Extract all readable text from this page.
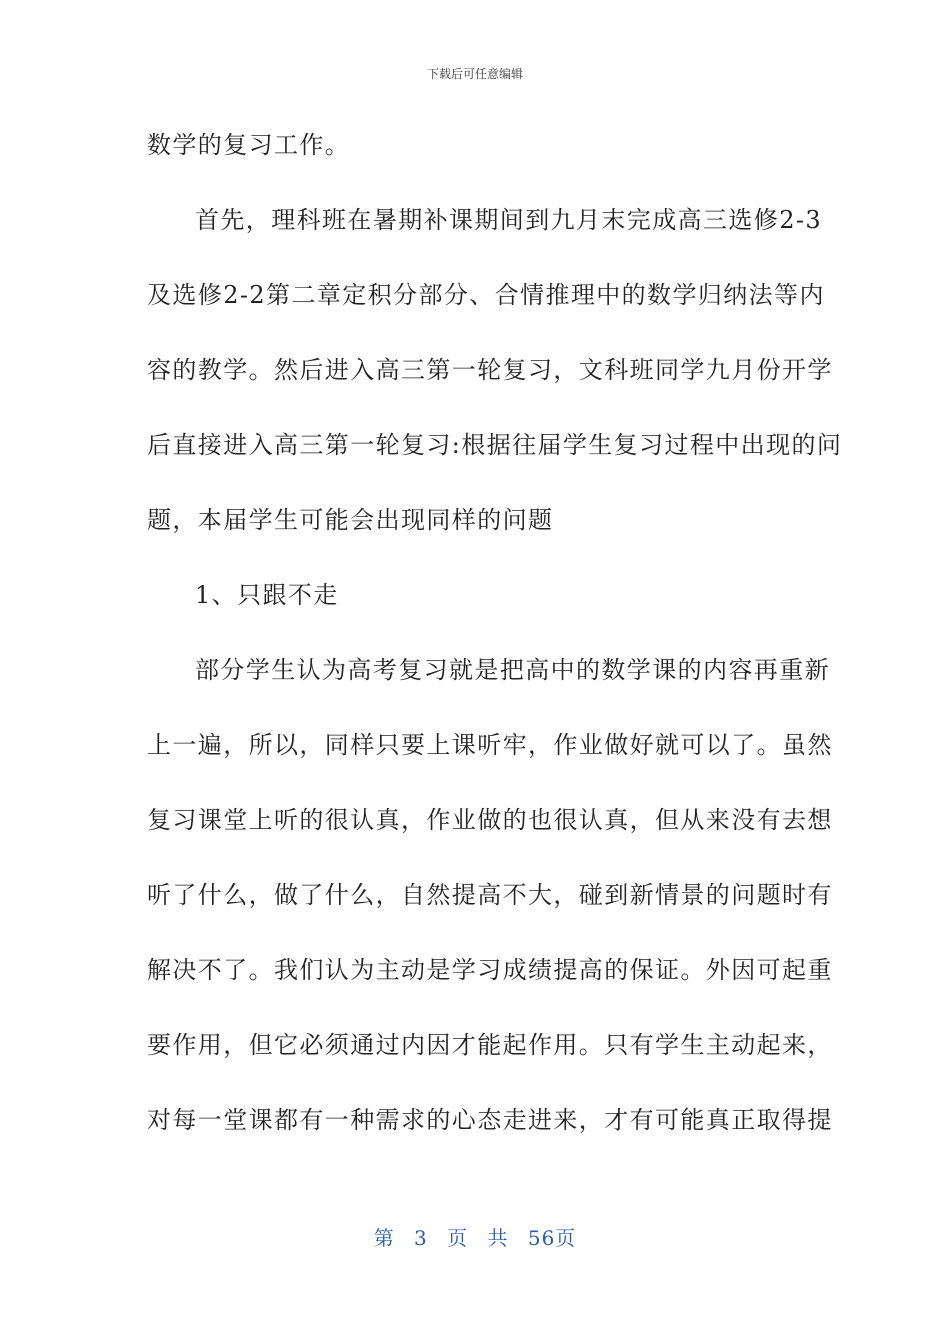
下载后可任意编辑
数学的复习工作。
首先，理科班在暑期补课期间到九月末完成高三选修2-3
及选修2-2第二章定积分部分、合情推理中的数学归纳法等内
容的教学。然后进入高三第一轮复习，文科班同学九月份开学
后直接进入高三第一轮复习:根据往届学生复习过程中出现的问
题，本届学生可能会出现同样的问题
1、只跟不走
部分学生认为高考复习就是把高中的数学课的内容再重新
上一遍，所以，同样只要上课听牢，作业做好就可以了。虽然
复习课堂上听的很认真，作业做的也很认真，但从来没有去想
听了什么，做了什么，自然提高不大，碰到新情景的问题时有
解决不了。我们认为主动是学习成绩提高的保证。外因可起重
要作用，但它必须通过内因才能起作用。只有学生主动起来，
对每一堂课都有一种需求的心态走进来，才有可能真正取得提
第 3 页 共 56页
